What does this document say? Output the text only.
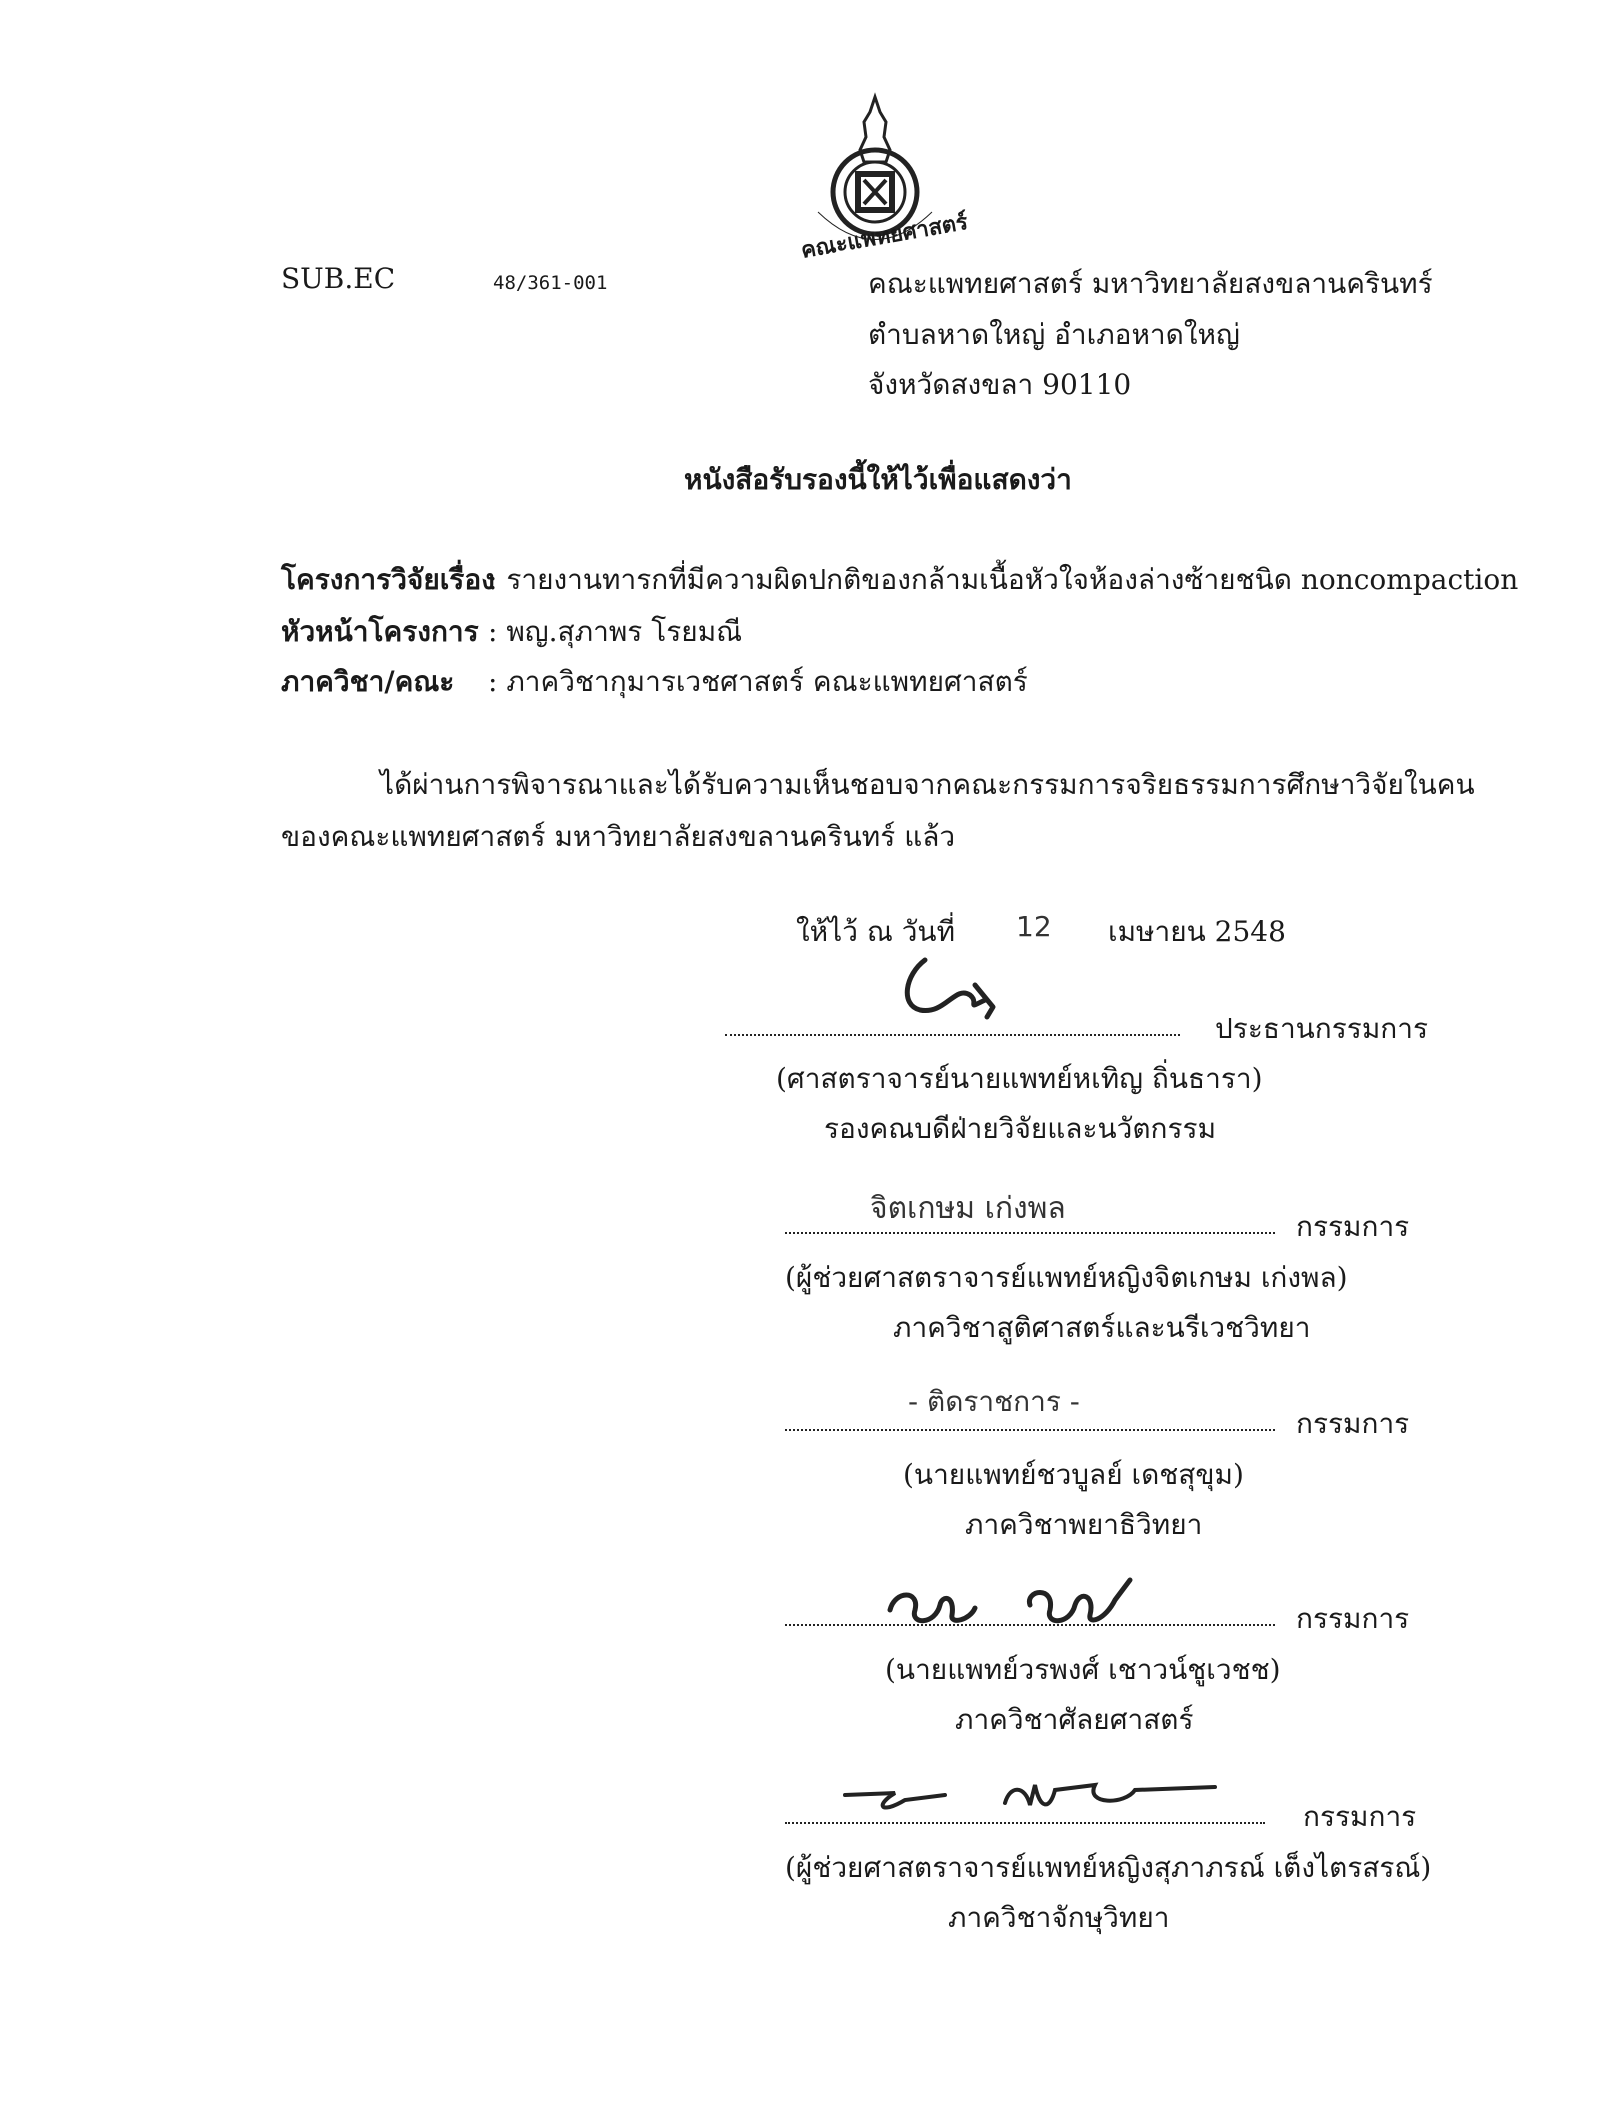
คณะแพทยศาสตร์
SUB.EC	48/361-001	คณะแพทยศาสตร์ มหาวิทยาลัยสงขลานครินทร์
ตำบลหาดใหญ่ อำเภอหาดใหญ่
จังหวัดสงขลา 90110
หนังสือรับรองนี้ให้ไว้เพื่อแสดงว่า
โครงการวิจัยเรื่อง
: รายงานทารกที่มีความผิดปกติของกล้ามเนื้อหัวใจห้องล่างซ้ายชนิด noncompaction
หัวหน้าโครงการ : พญ.สุภาพร โรยมณี
ภาควิชา/คณะ : ภาควิชากุมารเวชศาสตร์ คณะแพทยศาสตร์
ได้ผ่านการพิจารณาและได้รับความเห็นชอบจากคณะกรรมการจริยธรรมการศึกษาวิจัยในคน
ของคณะแพทยศาสตร์ มหาวิทยาลัยสงขลานครินทร์ แล้ว
ให้ไว้ ณ วันที่ 12 เมษายน 2548
ประธานกรรมการ
(ศาสตราจารย์นายแพทย์หเทิญ ถิ่นธารา)
รองคณบดีฝ่ายวิจัยและนวัตกรรม
จิตเกษม เก่งพล
กรรมการ
(ผู้ช่วยศาสตราจารย์แพทย์หญิงจิตเกษม เก่งพล)
ภาควิชาสูติศาสตร์และนรีเวชวิทยา
- ติดราชการ -
กรรมการ
(นายแพทย์ชวบูลย์ เดชสุขุม)
ภาควิชาพยาธิวิทยา
กรรมการ
(นายแพทย์วรพงศ์ เชาวน์ชูเวชช)
ภาควิชาศัลยศาสตร์
กรรมการ
(ผู้ช่วยศาสตราจารย์แพทย์หญิงสุภาภรณ์ เต็งไตรสรณ์)
ภาควิชาจักษุวิทยา
